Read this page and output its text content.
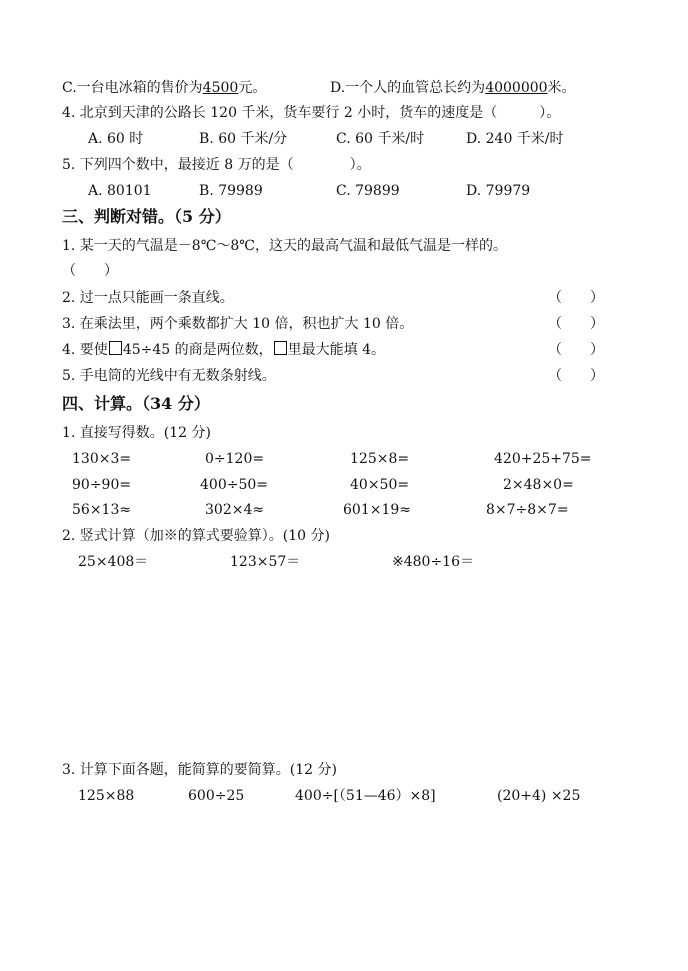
C.一台电冰箱的售价为4500元。	D.一个人的血管总长约为4000000米。
4. 北京到天津的公路长 120 千米，货车要行 2 小时，货车的速度是（　　　）。
A. 60 时	B. 60 千米/分	C. 60 千米/时	D. 240 千米/时
5. 下列四个数中，最接近 8 万的是（　　　　）。
A. 80101	B. 79989	C. 79899	D. 79979
三、判断对错。（5 分）
1. 某一天的气温是－8℃～8℃，这天的最高气温和最低气温是一样的。
（　　）
2. 过一点只能画一条直线。	（　　）
3. 在乘法里，两个乘数都扩大 10 倍，积也扩大 10 倍。	（　　）
4. 要使 45÷45 的商是两位数， 里最大能填 4。	（　　）
5. 手电筒的光线中有无数条射线。	（　　）
四、计算。（34 分）
1. 直接写得数。(12 分)
130×3=	0÷120=	125×8=	420+25+75=
90÷90=	400÷50=	40×50=	2×48×0=
56×13≈	302×4≈	601×19≈	8×7÷8×7=
2. 竖式计算（加※的算式要验算）。(10 分)
25×408＝	123×57＝	※480÷16＝
3. 计算下面各题，能简算的要简算。(12 分)
125×88	600÷25	400÷[（51—46）×8]	(20+4) ×25
